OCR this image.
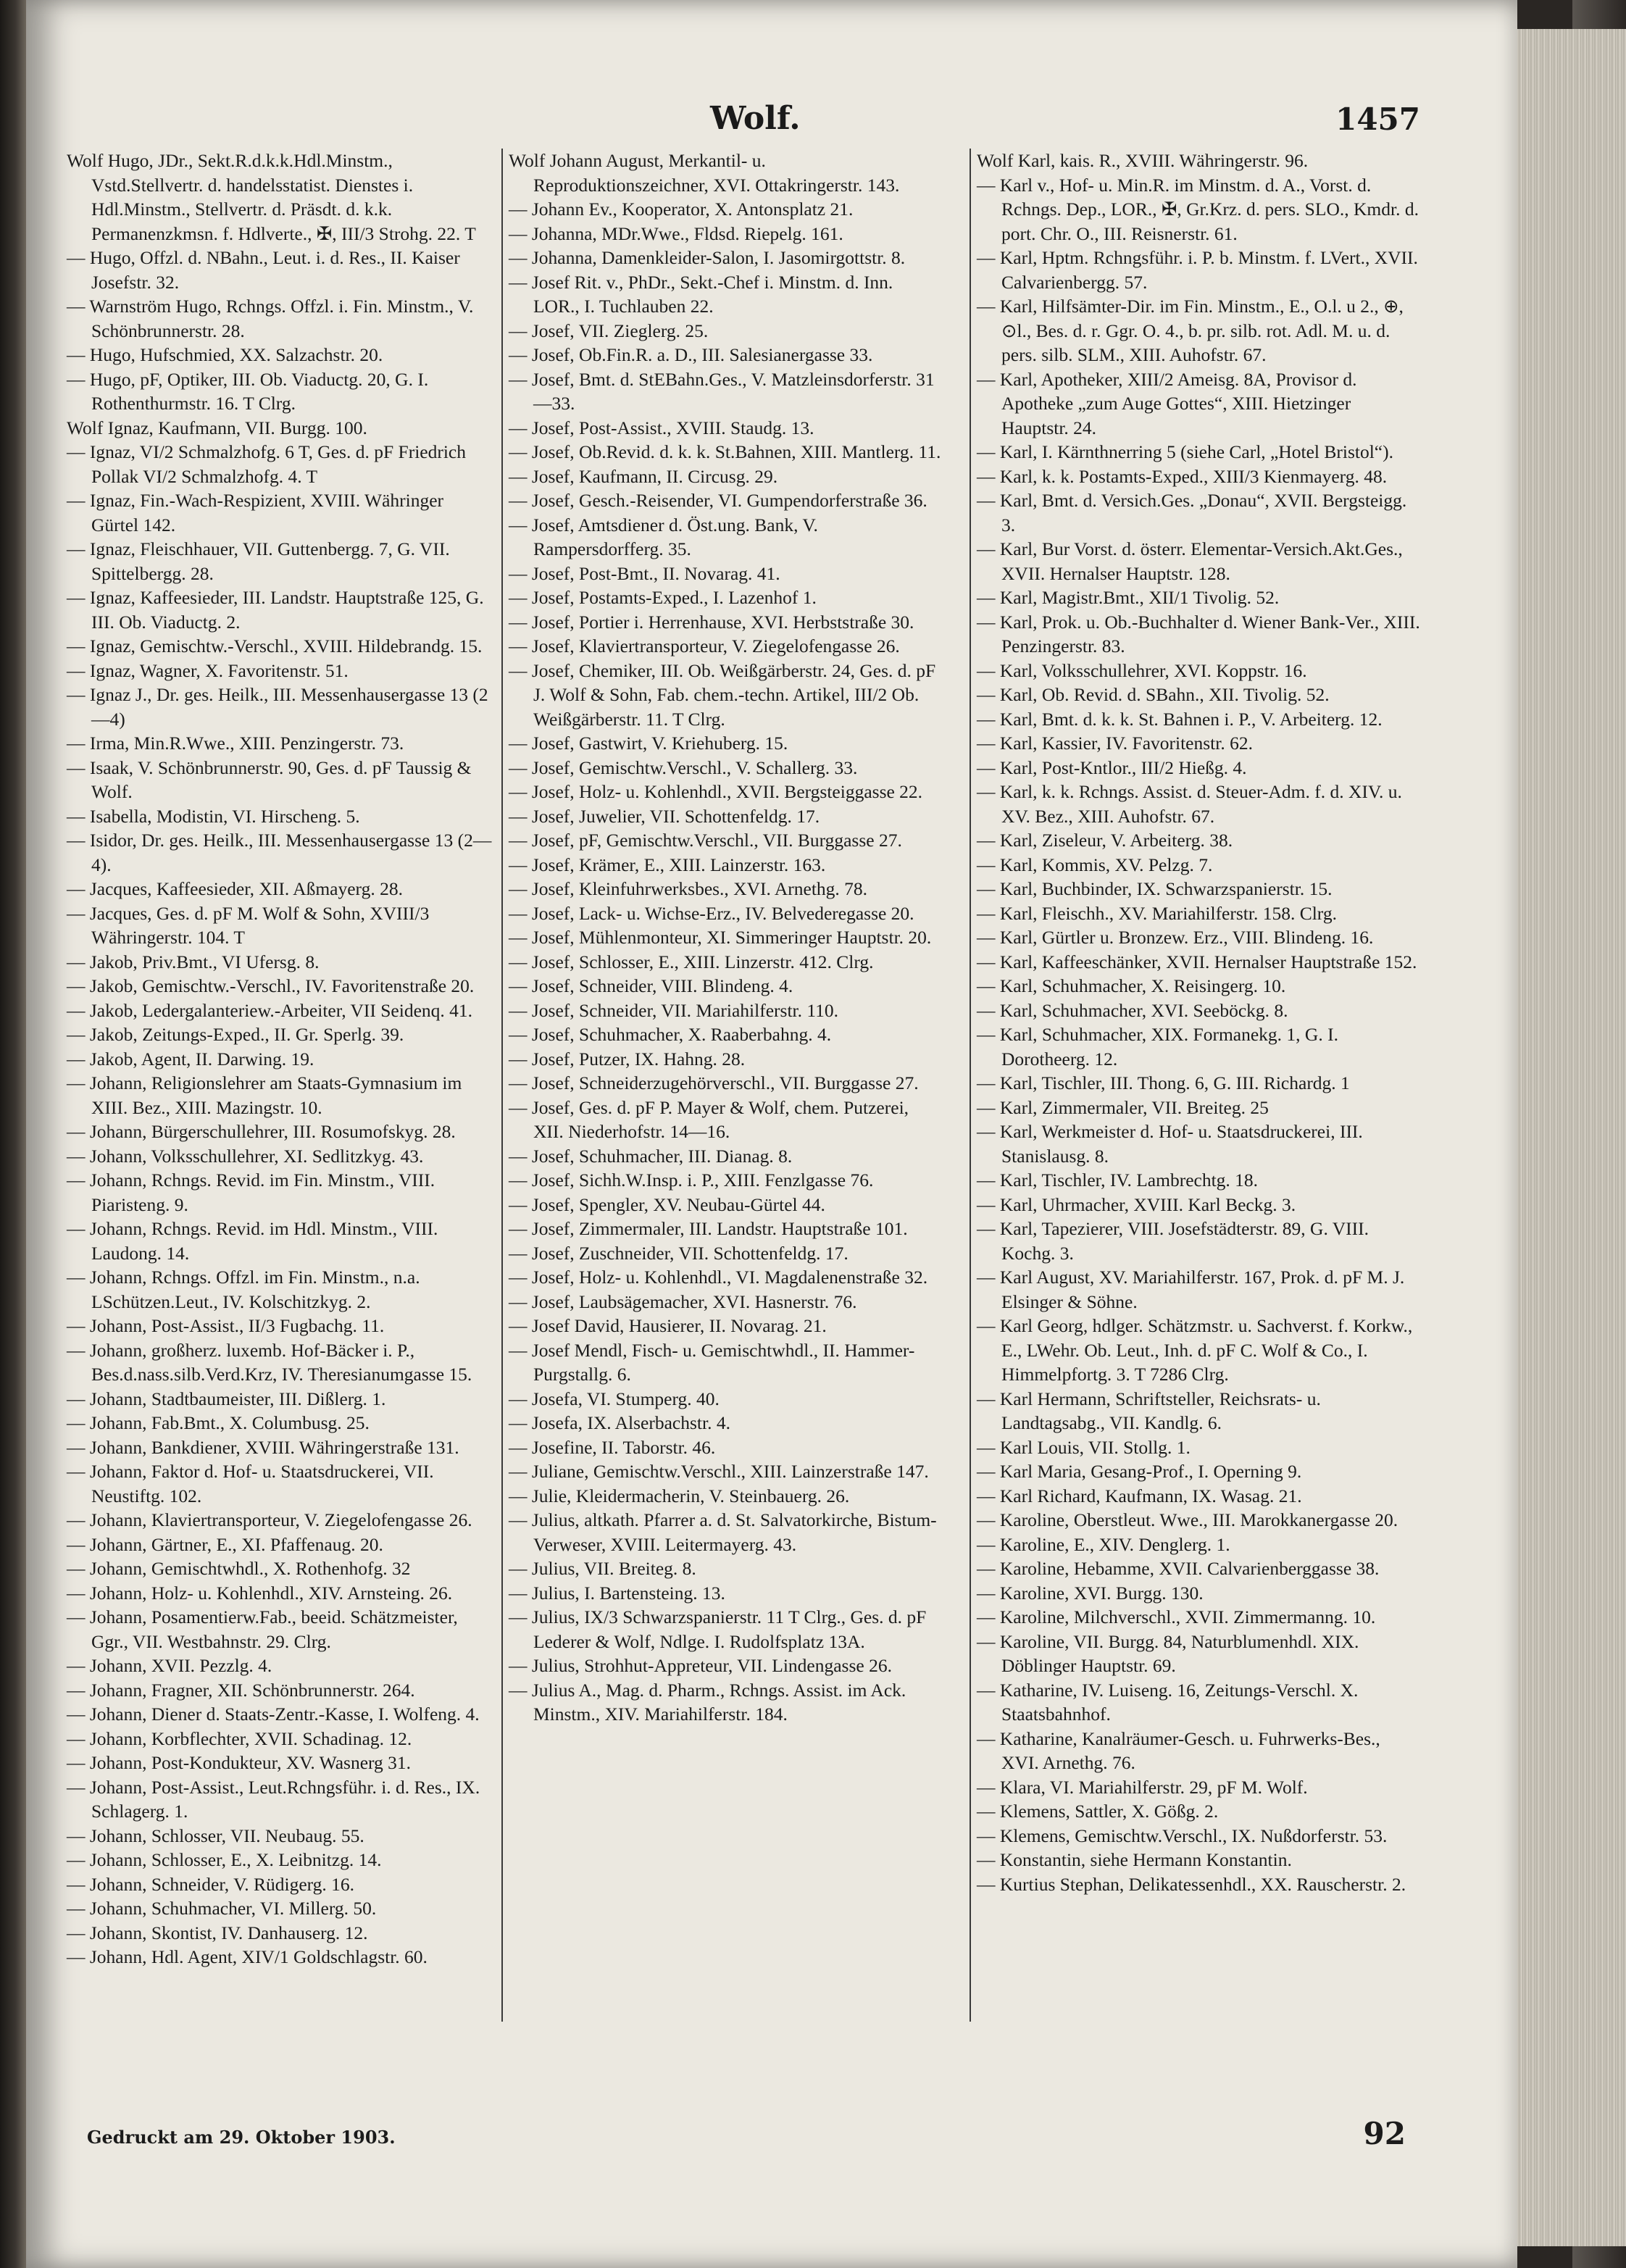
Wolf.	1457
Wolf Hugo, JDr., Sekt.R.d.k.k.Hdl.Minstm., Vstd.Stellvertr. d. handelsstatist. Dienstes i. Hdl.Minstm., Stellvertr. d. Präsdt. d. k.k. Permanenzkmsn. f. Hdlverte., ✠, III/3 Strohg. 22. T
— Hugo, Offzl. d. NBahn., Leut. i. d. Res., II. Kaiser Josefstr. 32.
— Warnström Hugo, Rchngs. Offzl. i. Fin. Minstm., V. Schönbrunnerstr. 28.
— Hugo, Hufschmied, XX. Salzachstr. 20.
— Hugo, pF, Optiker, III. Ob. Viaductg. 20, G. I. Rothenthurmstr. 16. T Clrg.
Wolf Ignaz, Kaufmann, VII. Burgg. 100.
— Ignaz, VI/2 Schmalzhofg. 6 T, Ges. d. pF Friedrich Pollak VI/2 Schmalzhofg. 4. T
— Ignaz, Fin.-Wach-Respizient, XVIII. Währinger Gürtel 142.
— Ignaz, Fleischhauer, VII. Guttenbergg. 7, G. VII. Spittelbergg. 28.
— Ignaz, Kaffeesieder, III. Landstr. Hauptstraße 125, G. III. Ob. Viaductg. 2.
— Ignaz, Gemischtw.-Verschl., XVIII. Hildebrandg. 15.
— Ignaz, Wagner, X. Favoritenstr. 51.
— Ignaz J., Dr. ges. Heilk., III. Messenhausergasse 13 (2—4)
— Irma, Min.R.Wwe., XIII. Penzingerstr. 73.
— Isaak, V. Schönbrunnerstr. 90, Ges. d. pF Taussig & Wolf.
— Isabella, Modistin, VI. Hirscheng. 5.
— Isidor, Dr. ges. Heilk., III. Messenhausergasse 13 (2—4).
— Jacques, Kaffeesieder, XII. Aßmayerg. 28.
— Jacques, Ges. d. pF M. Wolf & Sohn, XVIII/3 Währingerstr. 104. T
— Jakob, Priv.Bmt., VI Ufersg. 8.
— Jakob, Gemischtw.-Verschl., IV. Favoritenstraße 20.
— Jakob, Ledergalanteriew.-Arbeiter, VII Seidenq. 41.
— Jakob, Zeitungs-Exped., II. Gr. Sperlg. 39.
— Jakob, Agent, II. Darwing. 19.
— Johann, Religionslehrer am Staats-Gymnasium im XIII. Bez., XIII. Mazingstr. 10.
— Johann, Bürgerschullehrer, III. Rosumofskyg. 28.
— Johann, Volksschullehrer, XI. Sedlitzkyg. 43.
— Johann, Rchngs. Revid. im Fin. Minstm., VIII. Piaristeng. 9.
— Johann, Rchngs. Revid. im Hdl. Minstm., VIII. Laudong. 14.
— Johann, Rchngs. Offzl. im Fin. Minstm., n.a. LSchützen.Leut., IV. Kolschitzkyg. 2.
— Johann, Post-Assist., II/3 Fugbachg. 11.
— Johann, großherz. luxemb. Hof-Bäcker i. P., Bes.d.nass.silb.Verd.Krz, IV. Theresianumgasse 15.
— Johann, Stadtbaumeister, III. Dißlerg. 1.
— Johann, Fab.Bmt., X. Columbusg. 25.
— Johann, Bankdiener, XVIII. Währingerstraße 131.
— Johann, Faktor d. Hof- u. Staatsdruckerei, VII. Neustiftg. 102.
— Johann, Klaviertransporteur, V. Ziegelofengasse 26.
— Johann, Gärtner, E., XI. Pfaffenaug. 20.
— Johann, Gemischtwhdl., X. Rothenhofg. 32
— Johann, Holz- u. Kohlenhdl., XIV. Arnsteing. 26.
— Johann, Posamentierw.Fab., beeid. Schätzmeister, Ggr., VII. Westbahnstr. 29. Clrg.
— Johann, XVII. Pezzlg. 4.
— Johann, Fragner, XII. Schönbrunnerstr. 264.
— Johann, Diener d. Staats-Zentr.-Kasse, I. Wolfeng. 4.
— Johann, Korbflechter, XVII. Schadinag. 12.
— Johann, Post-Kondukteur, XV. Wasnerg 31.
— Johann, Post-Assist., Leut.Rchngsführ. i. d. Res., IX. Schlagerg. 1.
— Johann, Schlosser, VII. Neubaug. 55.
— Johann, Schlosser, E., X. Leibnitzg. 14.
— Johann, Schneider, V. Rüdigerg. 16.
— Johann, Schuhmacher, VI. Millerg. 50.
— Johann, Skontist, IV. Danhauserg. 12.
— Johann, Hdl. Agent, XIV/1 Goldschlagstr. 60.
Wolf Johann August, Merkantil- u. Reproduktionszeichner, XVI. Ottakringerstr. 143.
— Johann Ev., Kooperator, X. Antonsplatz 21.
— Johanna, MDr.Wwe., Fldsd. Riepelg. 161.
— Johanna, Damenkleider-Salon, I. Jasomirgottstr. 8.
— Josef Rit. v., PhDr., Sekt.-Chef i. Minstm. d. Inn. LOR., I. Tuchlauben 22.
— Josef, VII. Zieglerg. 25.
— Josef, Ob.Fin.R. a. D., III. Salesianergasse 33.
— Josef, Bmt. d. StEBahn.Ges., V. Matzleinsdorferstr. 31—33.
— Josef, Post-Assist., XVIII. Staudg. 13.
— Josef, Ob.Revid. d. k. k. St.Bahnen, XIII. Mantlerg. 11.
— Josef, Kaufmann, II. Circusg. 29.
— Josef, Gesch.-Reisender, VI. Gumpendorferstraße 36.
— Josef, Amtsdiener d. Öst.ung. Bank, V. Rampersdorfferg. 35.
— Josef, Post-Bmt., II. Novarag. 41.
— Josef, Postamts-Exped., I. Lazenhof 1.
— Josef, Portier i. Herrenhause, XVI. Herbststraße 30.
— Josef, Klaviertransporteur, V. Ziegelofengasse 26.
— Josef, Chemiker, III. Ob. Weißgärberstr. 24, Ges. d. pF J. Wolf & Sohn, Fab. chem.-techn. Artikel, III/2 Ob. Weißgärberstr. 11. T Clrg.
— Josef, Gastwirt, V. Kriehuberg. 15.
— Josef, Gemischtw.Verschl., V. Schallerg. 33.
— Josef, Holz- u. Kohlenhdl., XVII. Bergsteiggasse 22.
— Josef, Juwelier, VII. Schottenfeldg. 17.
— Josef, pF, Gemischtw.Verschl., VII. Burggasse 27.
— Josef, Krämer, E., XIII. Lainzerstr. 163.
— Josef, Kleinfuhrwerksbes., XVI. Arnethg. 78.
— Josef, Lack- u. Wichse-Erz., IV. Belvederegasse 20.
— Josef, Mühlenmonteur, XI. Simmeringer Hauptstr. 20.
— Josef, Schlosser, E., XIII. Linzerstr. 412. Clrg.
— Josef, Schneider, VIII. Blindeng. 4.
— Josef, Schneider, VII. Mariahilferstr. 110.
— Josef, Schuhmacher, X. Raaberbahng. 4.
— Josef, Putzer, IX. Hahng. 28.
— Josef, Schneiderzugehörverschl., VII. Burggasse 27.
— Josef, Ges. d. pF P. Mayer & Wolf, chem. Putzerei, XII. Niederhofstr. 14—16.
— Josef, Schuhmacher, III. Dianag. 8.
— Josef, Sichh.W.Insp. i. P., XIII. Fenzlgasse 76.
— Josef, Spengler, XV. Neubau-Gürtel 44.
— Josef, Zimmermaler, III. Landstr. Hauptstraße 101.
— Josef, Zuschneider, VII. Schottenfeldg. 17.
— Josef, Holz- u. Kohlenhdl., VI. Magdalenenstraße 32.
— Josef, Laubsägemacher, XVI. Hasnerstr. 76.
— Josef David, Hausierer, II. Novarag. 21.
— Josef Mendl, Fisch- u. Gemischtwhdl., II. Hammer-Purgstallg. 6.
— Josefa, VI. Stumperg. 40.
— Josefa, IX. Alserbachstr. 4.
— Josefine, II. Taborstr. 46.
— Juliane, Gemischtw.Verschl., XIII. Lainzerstraße 147.
— Julie, Kleidermacherin, V. Steinbauerg. 26.
— Julius, altkath. Pfarrer a. d. St. Salvatorkirche, Bistum-Verweser, XVIII. Leitermayerg. 43.
— Julius, VII. Breiteg. 8.
— Julius, I. Bartensteing. 13.
— Julius, IX/3 Schwarzspanierstr. 11 T Clrg., Ges. d. pF Lederer & Wolf, Ndlge. I. Rudolfsplatz 13A.
— Julius, Strohhut-Appreteur, VII. Lindengasse 26.
— Julius A., Mag. d. Pharm., Rchngs. Assist. im Ack. Minstm., XIV. Mariahilferstr. 184.
Wolf Karl, kais. R., XVIII. Währingerstr. 96.
— Karl v., Hof- u. Min.R. im Minstm. d. A., Vorst. d. Rchngs. Dep., LOR., ✠, Gr.Krz. d. pers. SLO., Kmdr. d. port. Chr. O., III. Reisnerstr. 61.
— Karl, Hptm. Rchngsführ. i. P. b. Minstm. f. LVert., XVII. Calvarienbergg. 57.
— Karl, Hilfsämter-Dir. im Fin. Minstm., E., O.l. u 2., ⊕, ⊙l., Bes. d. r. Ggr. O. 4., b. pr. silb. rot. Adl. M. u. d. pers. silb. SLM., XIII. Auhofstr. 67.
— Karl, Apotheker, XIII/2 Ameisg. 8A, Provisor d. Apotheke „zum Auge Gottes“, XIII. Hietzinger Hauptstr. 24.
— Karl, I. Kärnthnerring 5 (siehe Carl, „Hotel Bristol“).
— Karl, k. k. Postamts-Exped., XIII/3 Kienmayerg. 48.
— Karl, Bmt. d. Versich.Ges. „Donau“, XVII. Bergsteigg. 3.
— Karl, Bur Vorst. d. österr. Elementar-Versich.Akt.Ges., XVII. Hernalser Hauptstr. 128.
— Karl, Magistr.Bmt., XII/1 Tivolig. 52.
— Karl, Prok. u. Ob.-Buchhalter d. Wiener Bank-Ver., XIII. Penzingerstr. 83.
— Karl, Volksschullehrer, XVI. Koppstr. 16.
— Karl, Ob. Revid. d. SBahn., XII. Tivolig. 52.
— Karl, Bmt. d. k. k. St. Bahnen i. P., V. Arbeiterg. 12.
— Karl, Kassier, IV. Favoritenstr. 62.
— Karl, Post-Kntlor., III/2 Hießg. 4.
— Karl, k. k. Rchngs. Assist. d. Steuer-Adm. f. d. XIV. u. XV. Bez., XIII. Auhofstr. 67.
— Karl, Ziseleur, V. Arbeiterg. 38.
— Karl, Kommis, XV. Pelzg. 7.
— Karl, Buchbinder, IX. Schwarzspanierstr. 15.
— Karl, Fleischh., XV. Mariahilferstr. 158. Clrg.
— Karl, Gürtler u. Bronzew. Erz., VIII. Blindeng. 16.
— Karl, Kaffeeschänker, XVII. Hernalser Hauptstraße 152.
— Karl, Schuhmacher, X. Reisingerg. 10.
— Karl, Schuhmacher, XVI. Seeböckg. 8.
— Karl, Schuhmacher, XIX. Formanekg. 1, G. I. Dorotheerg. 12.
— Karl, Tischler, III. Thong. 6, G. III. Richardg. 1
— Karl, Zimmermaler, VII. Breiteg. 25
— Karl, Werkmeister d. Hof- u. Staatsdruckerei, III. Stanislausg. 8.
— Karl, Tischler, IV. Lambrechtg. 18.
— Karl, Uhrmacher, XVIII. Karl Beckg. 3.
— Karl, Tapezierer, VIII. Josefstädterstr. 89, G. VIII. Kochg. 3.
— Karl August, XV. Mariahilferstr. 167, Prok. d. pF M. J. Elsinger & Söhne.
— Karl Georg, hdlger. Schätzmstr. u. Sachverst. f. Korkw., E., LWehr. Ob. Leut., Inh. d. pF C. Wolf & Co., I. Himmelpfortg. 3. T 7286 Clrg.
— Karl Hermann, Schriftsteller, Reichsrats- u. Landtagsabg., VII. Kandlg. 6.
— Karl Louis, VII. Stollg. 1.
— Karl Maria, Gesang-Prof., I. Operning 9.
— Karl Richard, Kaufmann, IX. Wasag. 21.
— Karoline, Oberstleut. Wwe., III. Marokkanergasse 20.
— Karoline, E., XIV. Denglerg. 1.
— Karoline, Hebamme, XVII. Calvarienberggasse 38.
— Karoline, XVI. Burgg. 130.
— Karoline, Milchverschl., XVII. Zimmermanng. 10.
— Karoline, VII. Burgg. 84, Naturblumenhdl. XIX. Döblinger Hauptstr. 69.
— Katharine, IV. Luiseng. 16, Zeitungs-Verschl. X. Staatsbahnhof.
— Katharine, Kanalräumer-Gesch. u. Fuhrwerks-Bes., XVI. Arnethg. 76.
— Klara, VI. Mariahilferstr. 29, pF M. Wolf.
— Klemens, Sattler, X. Gößg. 2.
— Klemens, Gemischtw.Verschl., IX. Nußdorferstr. 53.
— Konstantin, siehe Hermann Konstantin.
— Kurtius Stephan, Delikatessenhdl., XX. Rauscherstr. 2.
Gedruckt am 29. Oktober 1903.	92
